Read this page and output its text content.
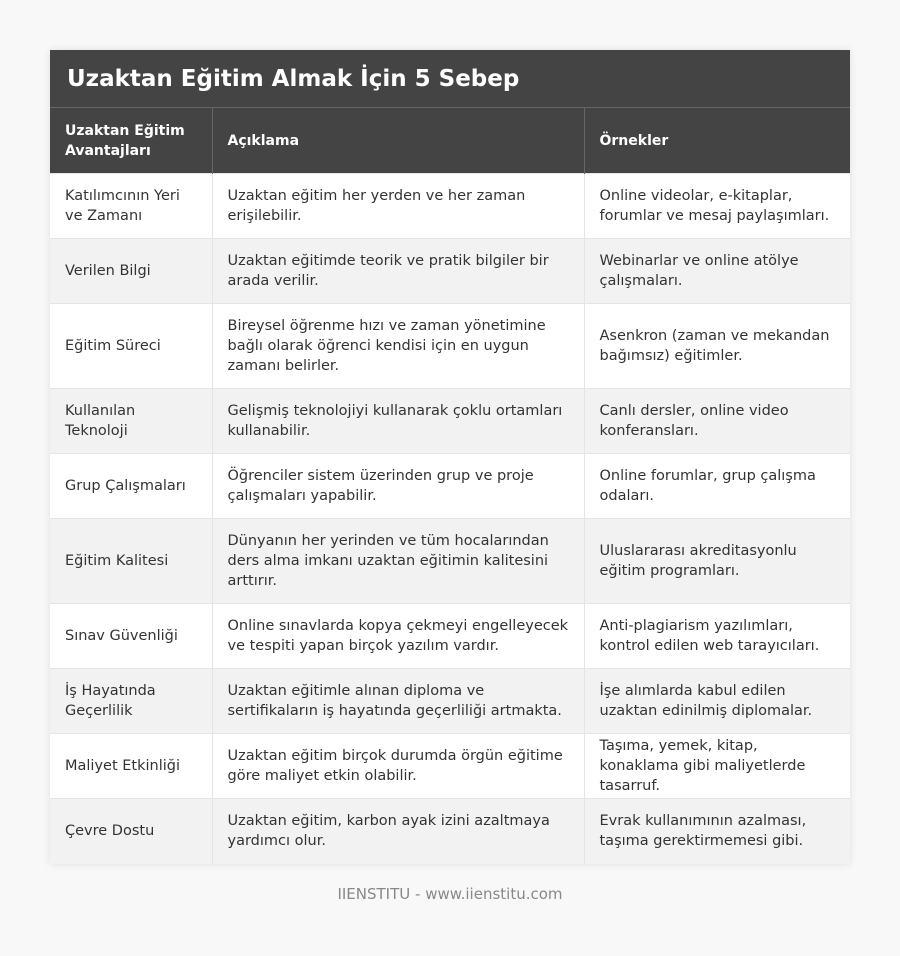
Uzaktan Eğitim Almak İçin 5 Sebep
Uzaktan Eğitim Avantajları	Açıklama	Örnekler
Katılımcının Yeri ve Zamanı	Uzaktan eğitim her yerden ve her zaman erişilebilir.	Online videolar, e-kitaplar, forumlar ve mesaj paylaşımları.
Verilen Bilgi	Uzaktan eğitimde teorik ve pratik bilgiler bir arada verilir.	Webinarlar ve online atölye çalışmaları.
Eğitim Süreci	Bireysel öğrenme hızı ve zaman yönetimine bağlı olarak öğrenci kendisi için en uygun zamanı belirler.	Asenkron (zaman ve mekandan bağımsız) eğitimler.
Kullanılan Teknoloji	Gelişmiş teknolojiyi kullanarak çoklu ortamları kullanabilir.	Canlı dersler, online video konferansları.
Grup Çalışmaları	Öğrenciler sistem üzerinden grup ve proje çalışmaları yapabilir.	Online forumlar, grup çalışma odaları.
Eğitim Kalitesi	Dünyanın her yerinden ve tüm hocalarından ders alma imkanı uzaktan eğitimin kalitesini arttırır.	Uluslararası akreditasyonlu eğitim programları.
Sınav Güvenliği	Online sınavlarda kopya çekmeyi engelleyecek ve tespiti yapan birçok yazılım vardır.	Anti-plagiarism yazılımları, kontrol edilen web tarayıcıları.
İş Hayatında Geçerlilik	Uzaktan eğitimle alınan diploma ve sertifikaların iş hayatında geçerliliği artmakta.	İşe alımlarda kabul edilen uzaktan edinilmiş diplomalar.
Maliyet Etkinliği	Uzaktan eğitim birçok durumda örgün eğitime göre maliyet etkin olabilir.	Taşıma, yemek, kitap, konaklama gibi maliyetlerde tasarruf.
Çevre Dostu	Uzaktan eğitim, karbon ayak izini azaltmaya yardımcı olur.	Evrak kullanımının azalması, taşıma gerektirmemesi gibi.
IIENSTITU - www.iienstitu.com
